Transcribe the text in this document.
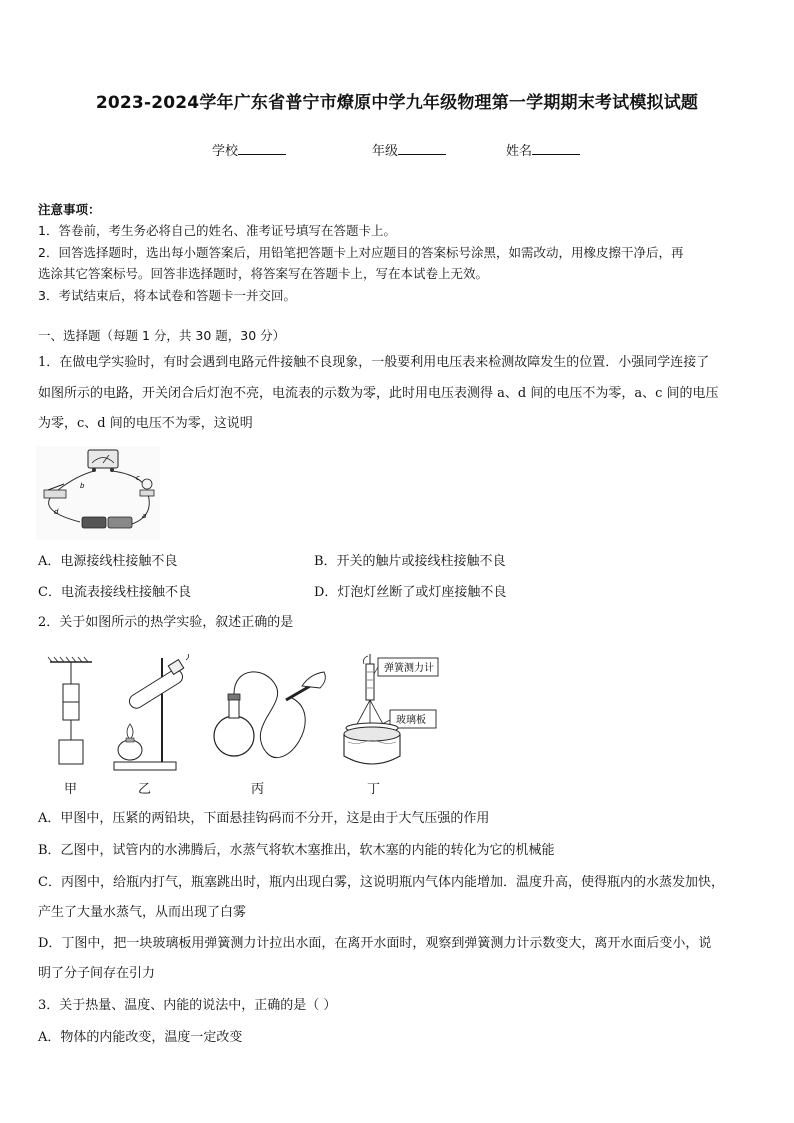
2023-2024学年广东省普宁市燎原中学九年级物理第一学期期末考试模拟试题
学校	年级	姓名
注意事项：
1．答卷前，考生务必将自己的姓名、准考证号填写在答题卡上。
2．回答选择题时，选出每小题答案后，用铅笔把答题卡上对应题目的答案标号涂黑，如需改动，用橡皮擦干净后，再
选涂其它答案标号。回答非选择题时，将答案写在答题卡上，写在本试卷上无效。
3．考试结束后，将本试卷和答题卡一并交回。
一、选择题（每题 1 分，共 30 题，30 分）
1．在做电学实验时，有时会遇到电路元件接触不良现象，一般要利用电压表来检测故障发生的位置．小强同学连接了
如图所示的电路，开关闭合后灯泡不亮，电流表的示数为零，此时用电压表测得 a、d 间的电压不为零，a、c 间的电压
为零，c、d 间的电压不为零，这说明
b
d	a
c
A．电源接线柱接触不良	B．开关的触片或接线柱接触不良
C．电流表接线柱接触不良	D．灯泡灯丝断了或灯座接触不良
2．关于如图所示的热学实验，叙述正确的是
弹簧测力计
玻璃板
甲	乙	丙	丁
A．甲图中，压紧的两铅块，下面悬挂钩码而不分开，这是由于大气压强的作用
B．乙图中，试管内的水沸腾后，水蒸气将软木塞推出，软木塞的内能的转化为它的机械能
C．丙图中，给瓶内打气，瓶塞跳出时，瓶内出现白雾，这说明瓶内气体内能增加．温度升高，使得瓶内的水蒸发加快，
产生了大量水蒸气，从而出现了白雾
D．丁图中，把一块玻璃板用弹簧测力计拉出水面，在离开水面时，观察到弹簧测力计示数变大，离开水面后变小，说
明了分子间存在引力
3．关于热量、温度、内能的说法中，正确的是（ ）
A．物体的内能改变，温度一定改变
